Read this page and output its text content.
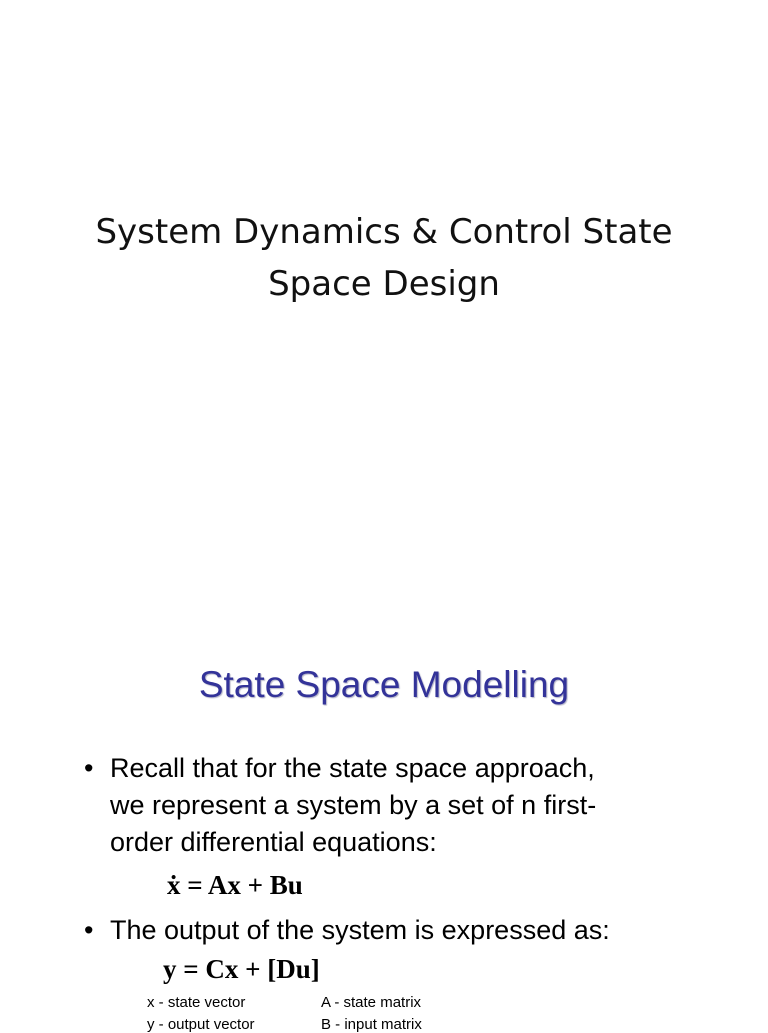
System Dynamics & Control State
Space Design
State Space Modelling
• Recall that for the state space approach,
we represent a system by a set of n first-
order differential equations:
ẋ = Ax + Bu
• The output of the system is expressed as:
y = Cx + [Du]
x - state vector	A - state matrix
y - output vector	B - input matrix
